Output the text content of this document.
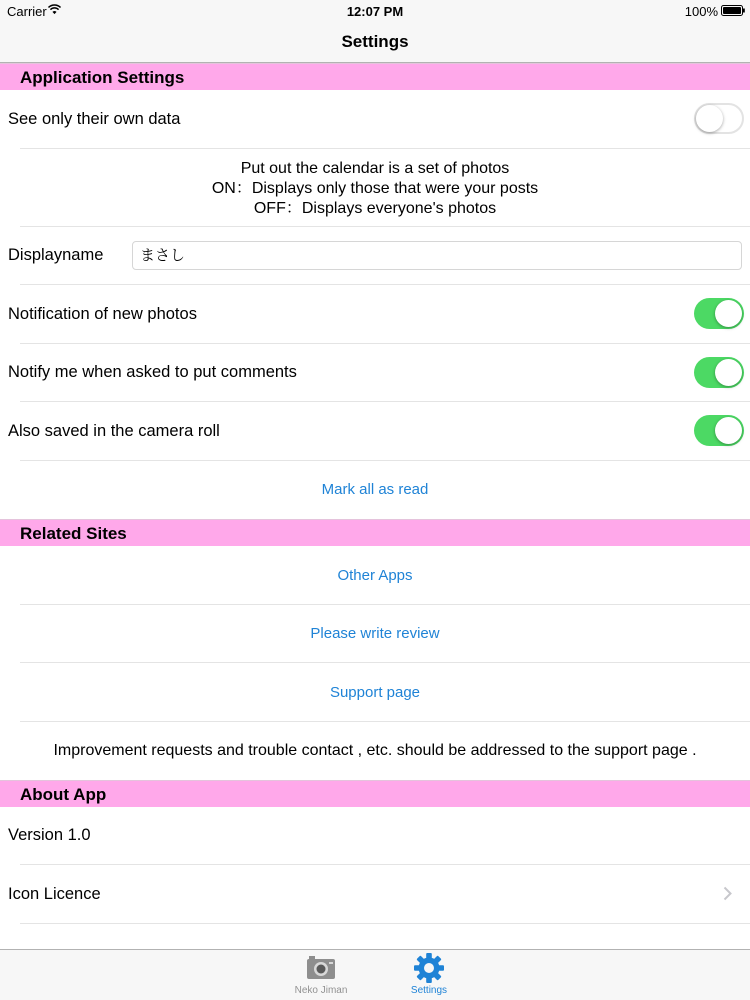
Carrier	12:07 PM	100%
Settings
Application Settings
See only their own data
Put out the calendar is a set of photos
ON：Displays only those that were your posts
OFF：Displays everyone's photos
Displayname	まさし
Notification of new photos
Notify me when asked to put comments
Also saved in the camera roll
Mark all as read
Related Sites
Other Apps
Please write review
Support page
Improvement requests and trouble contact , etc. should be addressed to the support page .
About App
Version 1.0
Icon Licence
Neko Jiman	Settings
